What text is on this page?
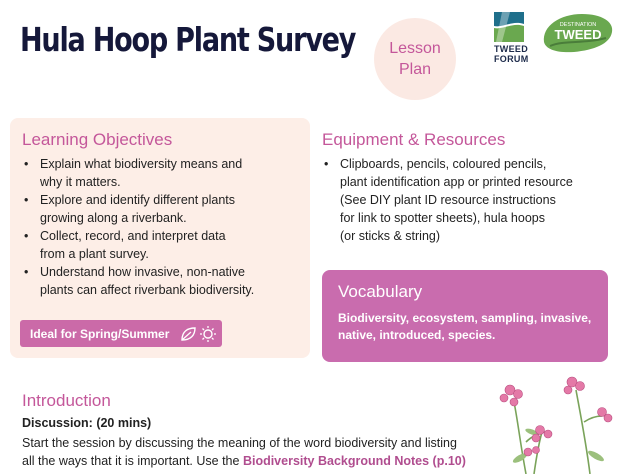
Hula Hoop Plant Survey Lesson
Plan
TWEED
FORUM
DESTINATION
TWEED
Learning Objectives
• Explain what biodiversity means and
why it matters.
• Explore and identify different plants
growing along a riverbank.
• Collect, record, and interpret data
from a plant survey.
• Understand how invasive, non-native
plants can affect riverbank biodiversity.
Ideal for Spring/Summer
Equipment & Resources
• Clipboards, pencils, coloured pencils,
plant identification app or printed resource
(See DIY plant ID resource instructions
for link to spotter sheets), hula hoops
(or sticks & string)
Vocabulary
Biodiversity, ecosystem, sampling, invasive,
native, introduced, species.
Introduction
Discussion: (20 mins)
Start the session by discussing the meaning of the word biodiversity and listing
all the ways that it is important. Use the Biodiversity Background Notes (p.10)
